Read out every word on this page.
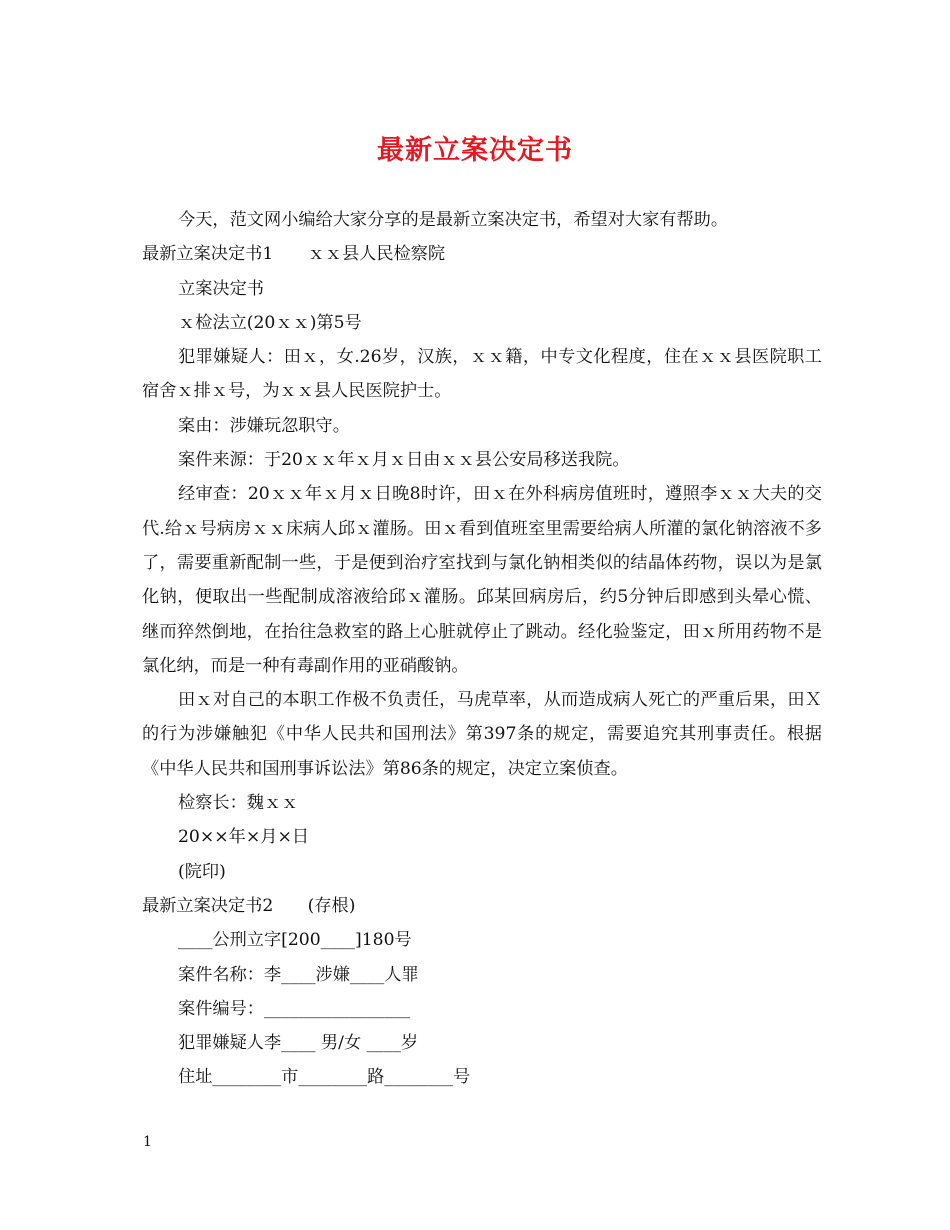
最新立案决定书

今天，范文网小编给大家分享的是最新立案决定书，希望对大家有帮助。

最新立案决定书1　　ｘｘ县人民检察院

立案决定书

ｘ检法立(20ｘｘ)第5号

犯罪嫌疑人：田ｘ，女.26岁，汉族，ｘｘ籍，中专文化程度，住在ｘｘ县医院职工宿舍ｘ排ｘ号，为ｘｘ县人民医院护士。

案由：涉嫌玩忽职守。

案件来源：于20ｘｘ年ｘ月ｘ日由ｘｘ县公安局移送我院。

经审查：20ｘｘ年ｘ月ｘ日晚8时许，田ｘ在外科病房值班时，遵照李ｘｘ大夫的交代.给ｘ号病房ｘｘ床病人邱ｘ灌肠。田ｘ看到值班室里需要给病人所灌的氯化钠溶液不多了，需要重新配制一些，于是便到治疗室找到与氯化钠相类似的结晶体药物，误以为是氯化钠，便取出一些配制成溶液给邱ｘ灌肠。邱某回病房后，约5分钟后即感到头晕心慌、继而猝然倒地，在抬往急救室的路上心脏就停止了跳动。经化验鉴定，田ｘ所用药物不是氯化纳，而是一种有毒副作用的亚硝酸钠。

田ｘ对自己的本职工作极不负责任，马虎草率，从而造成病人死亡的严重后果，田Ｘ的行为涉嫌触犯《中华人民共和国刑法》第397条的规定，需要追究其刑事责任。根据《中华人民共和国刑事诉讼法》第86条的规定，决定立案侦查。

检察长：魏ｘｘ

20××年×月×日

(院印)

最新立案决定书2　　(存根)

____公刑立字[200____]180号

案件名称：李____涉嫌____人罪

案件编号：_________________

犯罪嫌疑人李____ 男/女 ____岁

住址________市________路________号

1
